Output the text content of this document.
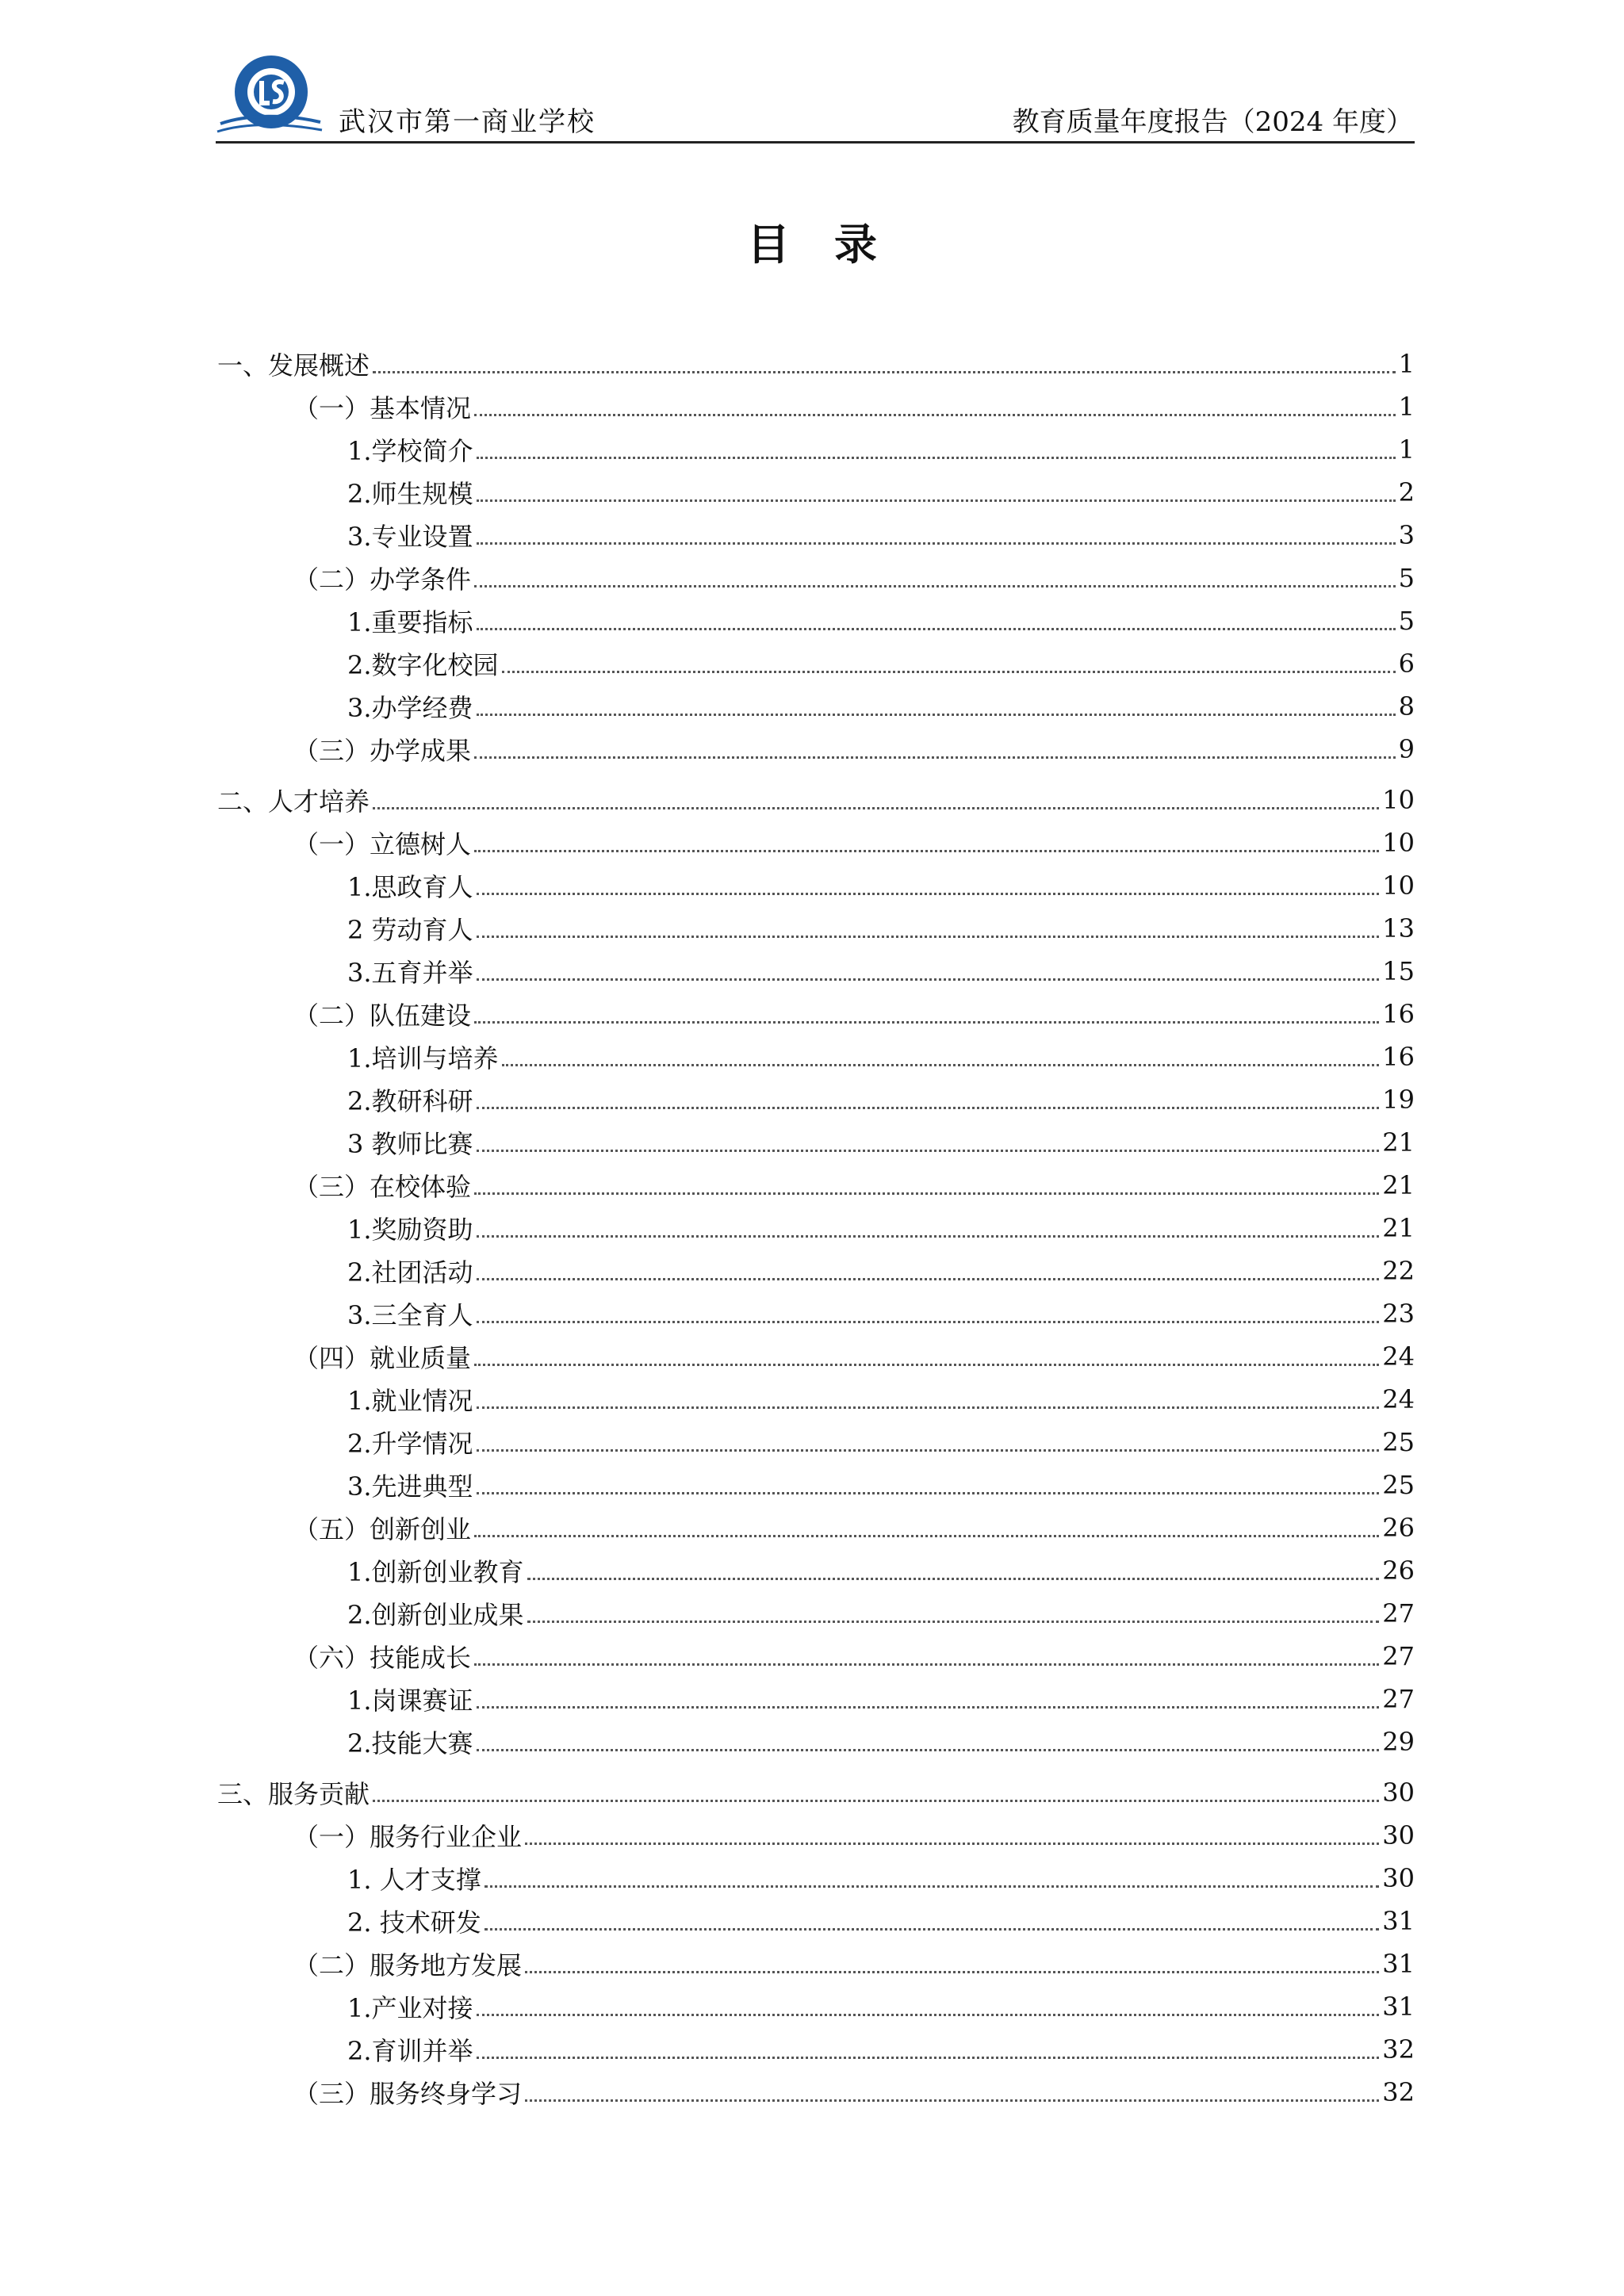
武汉市第一商业学校	教育质量年度报告（2024 年度）
目录
一、发展概述	1
（一）基本情况	1
1.学校简介	1
2.师生规模	2
3.专业设置	3
（二）办学条件	5
1.重要指标	5
2.数字化校园	6
3.办学经费	8
（三）办学成果	9
二、人才培养	10
（一）立德树人	10
1.思政育人	10
2 劳动育人	13
3.五育并举	15
（二）队伍建设	16
1.培训与培养	16
2.教研科研	19
3 教师比赛	21
（三）在校体验	21
1.奖励资助	21
2.社团活动	22
3.三全育人	23
（四）就业质量	24
1.就业情况	24
2.升学情况	25
3.先进典型	25
（五）创新创业	26
1.创新创业教育	26
2.创新创业成果	27
（六）技能成长	27
1.岗课赛证	27
2.技能大赛	29
三、服务贡献	30
（一）服务行业企业	30
1. 人才支撑	30
2. 技术研发	31
（二）服务地方发展	31
1.产业对接	31
2.育训并举	32
（三）服务终身学习	32
